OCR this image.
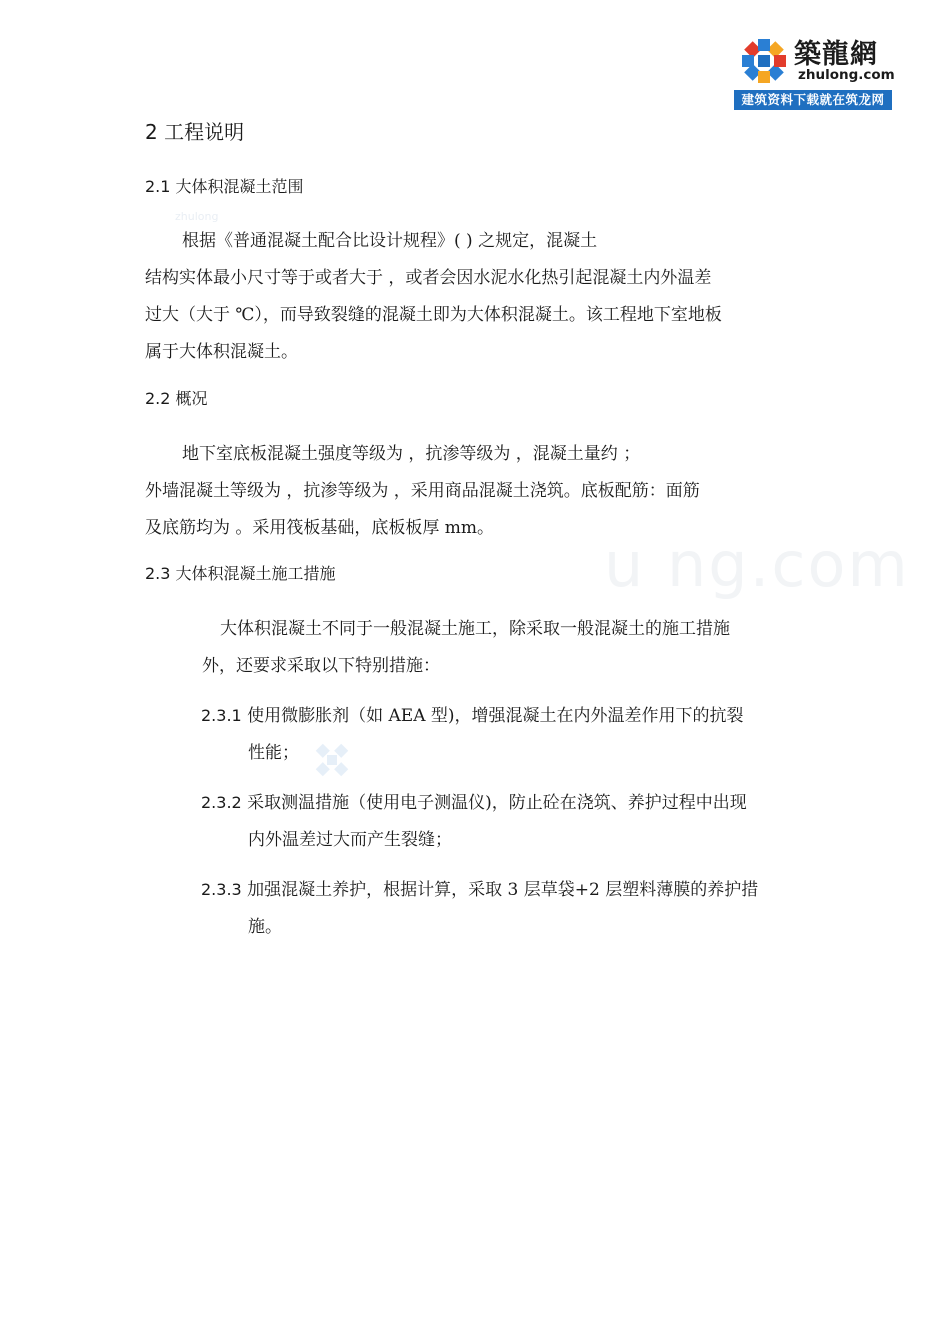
築龍網
zhulong.com
建筑资料下载就在筑龙网
zhulong
u ng.com
2 工程说明
2.1 大体积混凝土范围
根据《普通混凝土配合比设计规程》( ) 之规定，混凝土
结构实体最小尺寸等于或者大于 ，或者会因水泥水化热引起混凝土内外温差
过大（大于 ℃），而导致裂缝的混凝土即为大体积混凝土。该工程地下室地板
属于大体积混凝土。
2.2 概况
地下室底板混凝土强度等级为 ，抗渗等级为 ，混凝土量约 ；
外墙混凝土等级为 ，抗渗等级为 ，采用商品混凝土浇筑。底板配筋：面筋
及底筋均为 。采用筏板基础，底板板厚 mm。
2.3 大体积混凝土施工措施
大体积混凝土不同于一般混凝土施工，除采取一般混凝土的施工措施
外，还要求采取以下特别措施：
2.3.1 使用微膨胀剂（如 AEA 型)，增强混凝土在内外温差作用下的抗裂
性能；
2.3.2 采取测温措施（使用电子测温仪)，防止砼在浇筑、养护过程中出现
内外温差过大而产生裂缝；
2.3.3 加强混凝土养护，根据计算，采取 3 层草袋+2 层塑料薄膜的养护措
施。
